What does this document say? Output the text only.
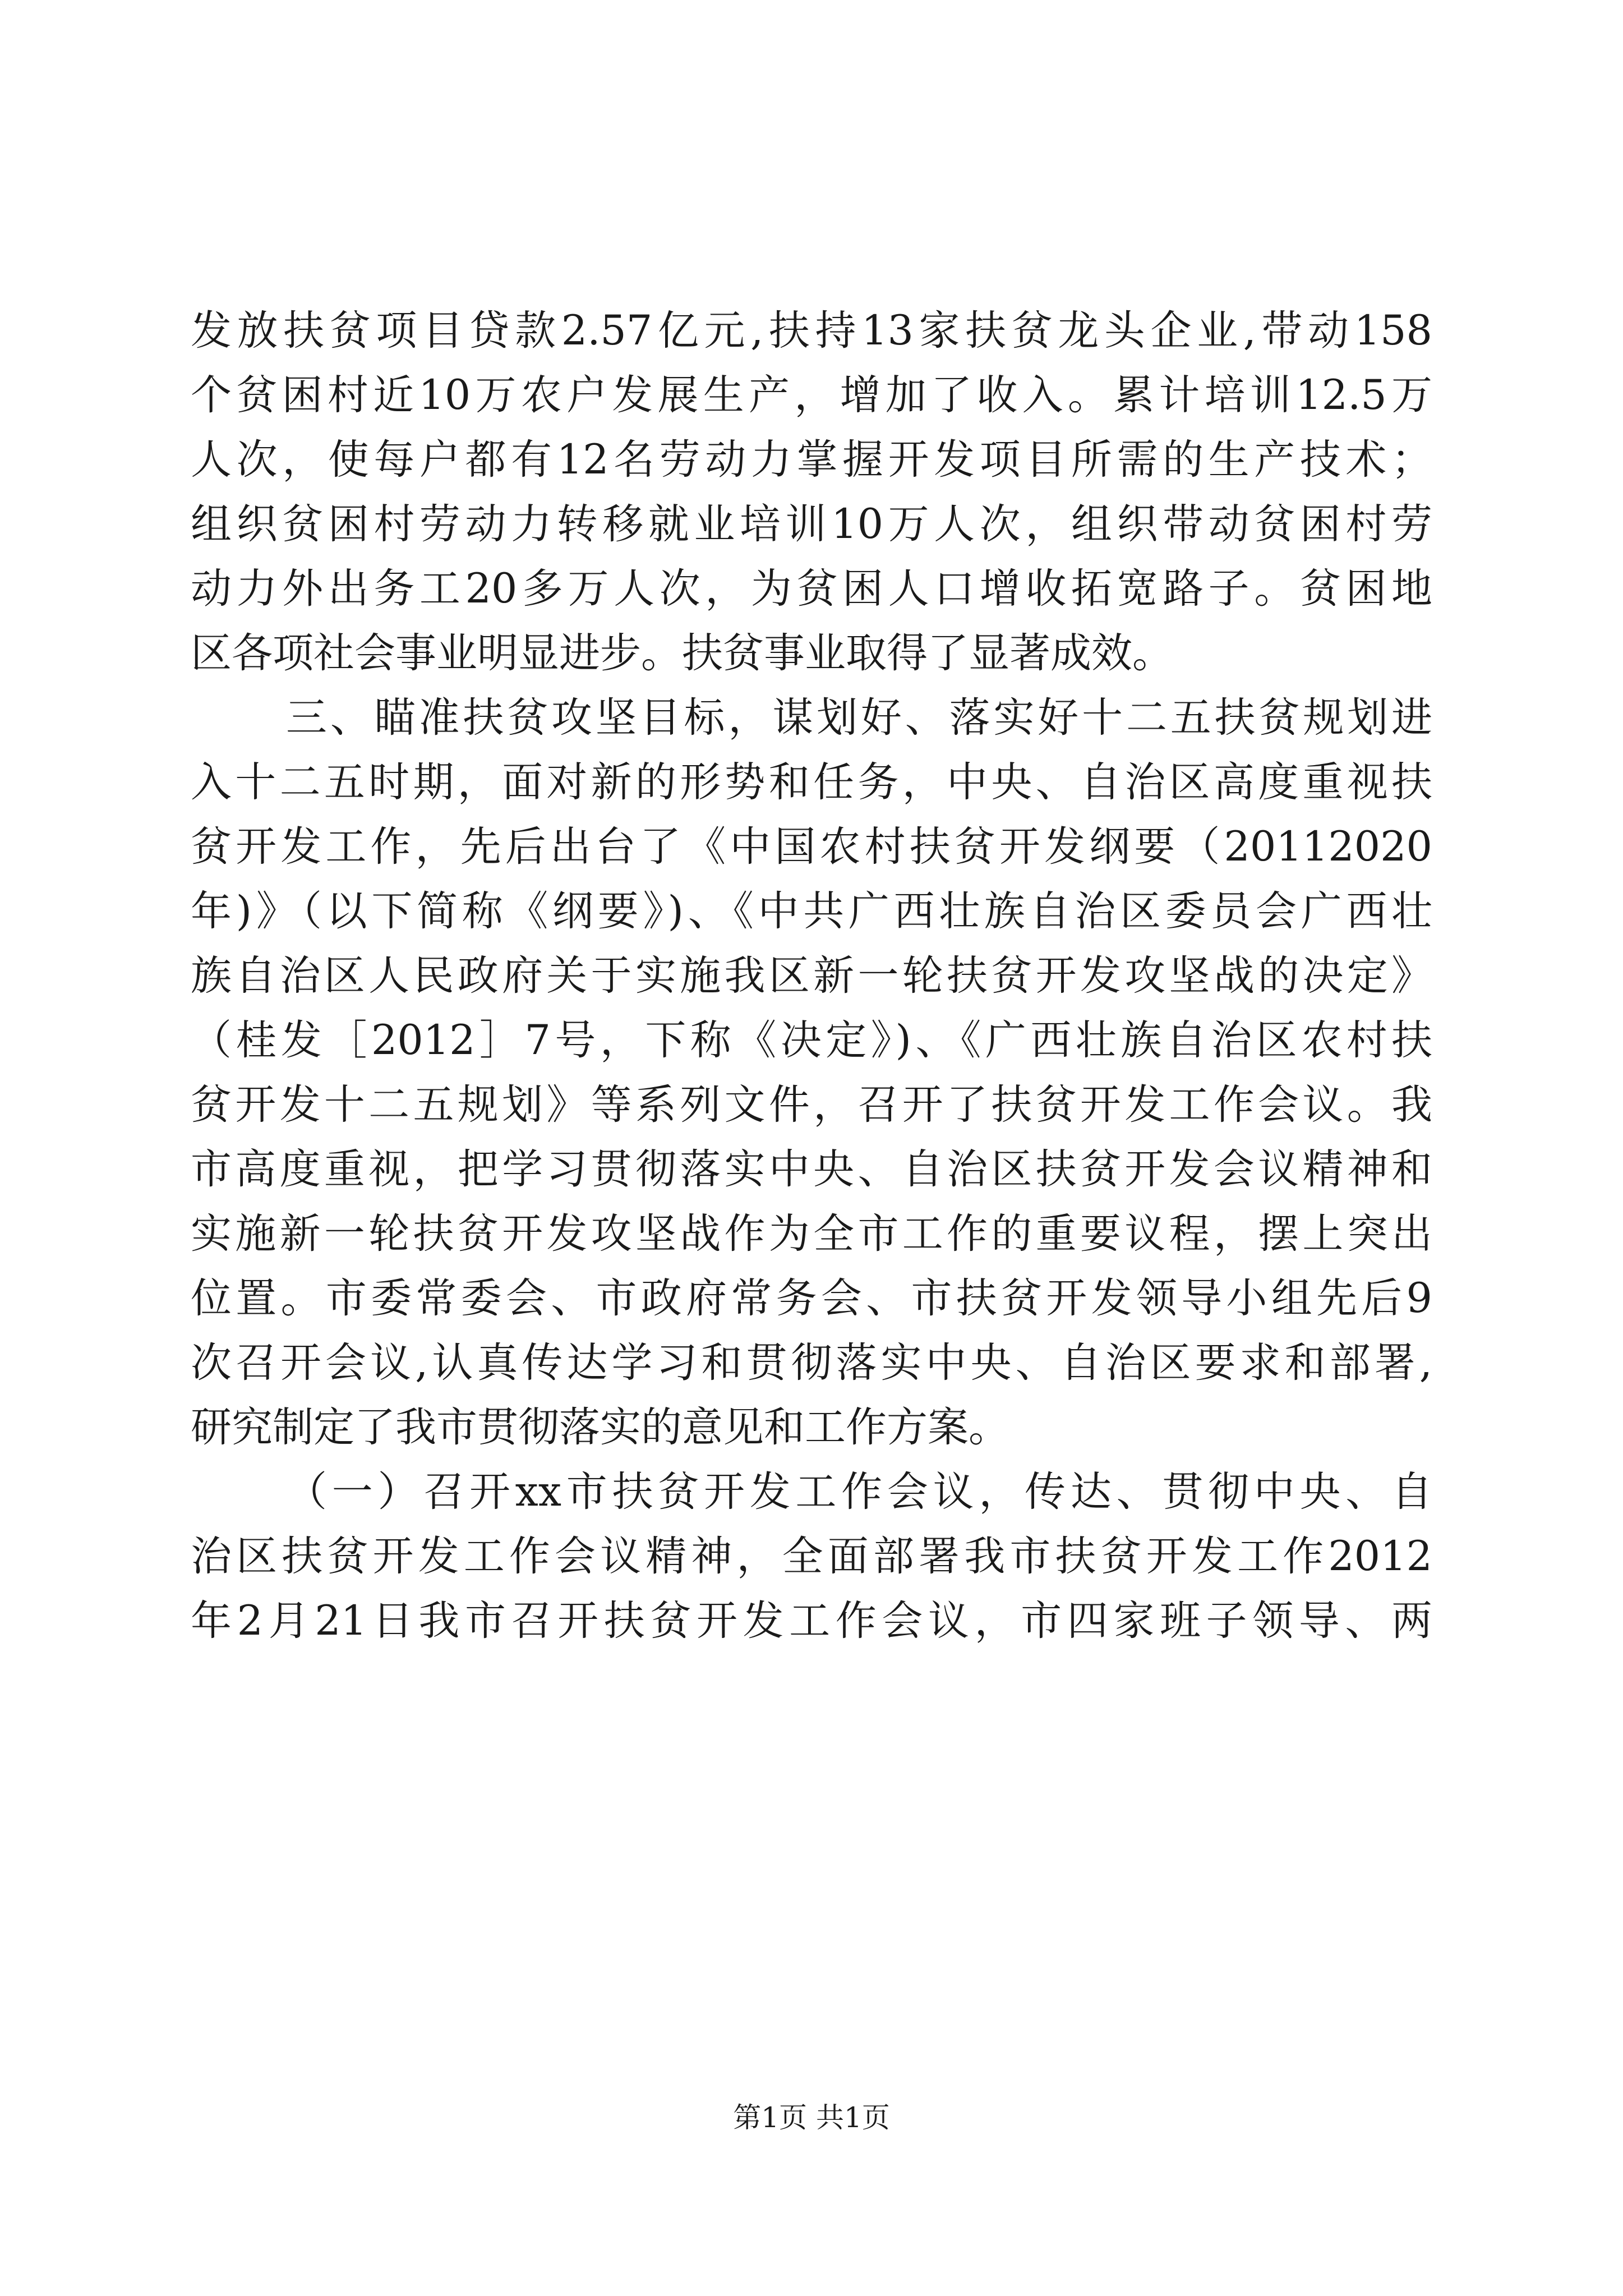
发放扶贫项目贷款2.57亿元,扶持13家扶贫龙头企业,带动158
个贫困村近10万农户发展生产，增加了收入。累计培训12.5万
人次，使每户都有12名劳动力掌握开发项目所需的生产技术；
组织贫困村劳动力转移就业培训10万人次，组织带动贫困村劳
动力外出务工20多万人次，为贫困人口增收拓宽路子。贫困地
区各项社会事业明显进步。扶贫事业取得了显著成效。
三、瞄准扶贫攻坚目标，谋划好、落实好十二五扶贫规划进
入十二五时期，面对新的形势和任务，中央、自治区高度重视扶
贫开发工作，先后出台了《中国农村扶贫开发纲要（20112020
年)》（以下简称《纲要》)、《中共广西壮族自治区委员会广西壮
族自治区人民政府关于实施我区新一轮扶贫开发攻坚战的决定》
（桂发［2012］7号，下称《决定》)、《广西壮族自治区农村扶
贫开发十二五规划》等系列文件，召开了扶贫开发工作会议。我
市高度重视，把学习贯彻落实中央、自治区扶贫开发会议精神和
实施新一轮扶贫开发攻坚战作为全市工作的重要议程，摆上突出
位置。市委常委会、市政府常务会、市扶贫开发领导小组先后9
次召开会议,认真传达学习和贯彻落实中央、自治区要求和部署,
研究制定了我市贯彻落实的意见和工作方案。
（一）召开xx市扶贫开发工作会议，传达、贯彻中央、自
治区扶贫开发工作会议精神，全面部署我市扶贫开发工作2012
年2月21日我市召开扶贫开发工作会议，市四家班子领导、两
第1页 共1页
